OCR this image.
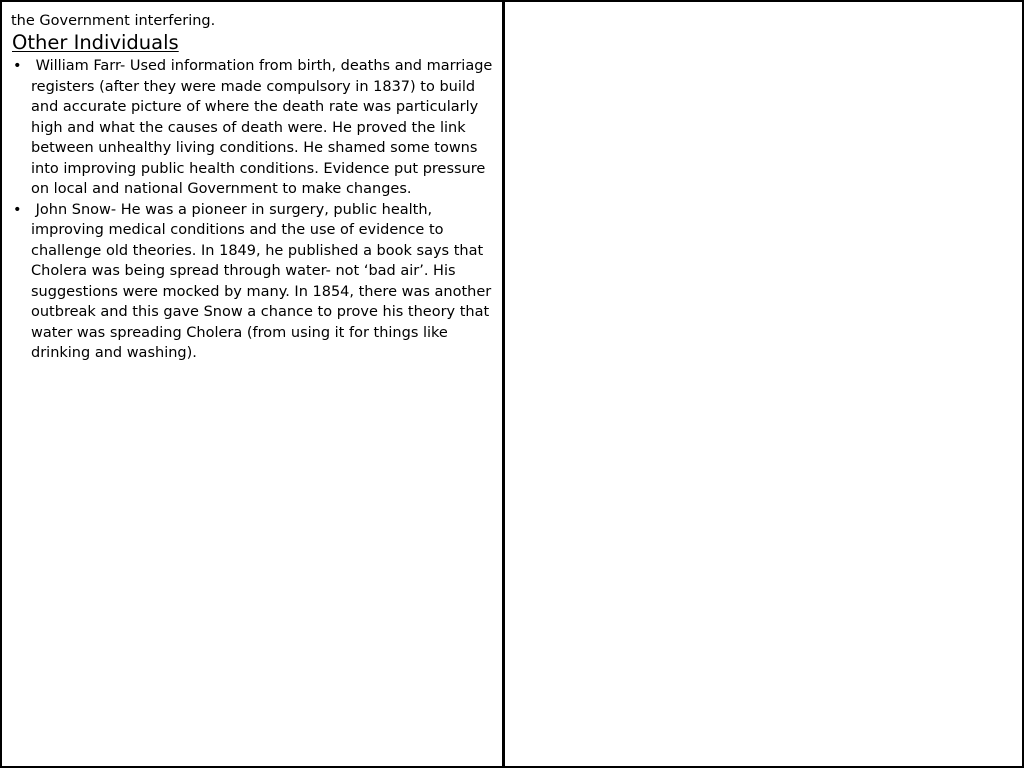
the Government interfering.

Other Individuals
• William Farr- Used information from birth, deaths and marriage registers (after they were made compulsory in 1837) to build and accurate picture of where the death rate was particularly high and what the causes of death were. He proved the link between unhealthy living conditions. He shamed some towns into improving public health conditions. Evidence put pressure on local and national Government to make changes.
• John Snow- He was a pioneer in surgery, public health, improving medical conditions and the use of evidence to challenge old theories. In 1849, he published a book says that Cholera was being spread through water- not ‘bad air’. His suggestions were mocked by many. In 1854, there was another outbreak and this gave Snow a chance to prove his theory that water was spreading Cholera (from using it for things like drinking and washing).
